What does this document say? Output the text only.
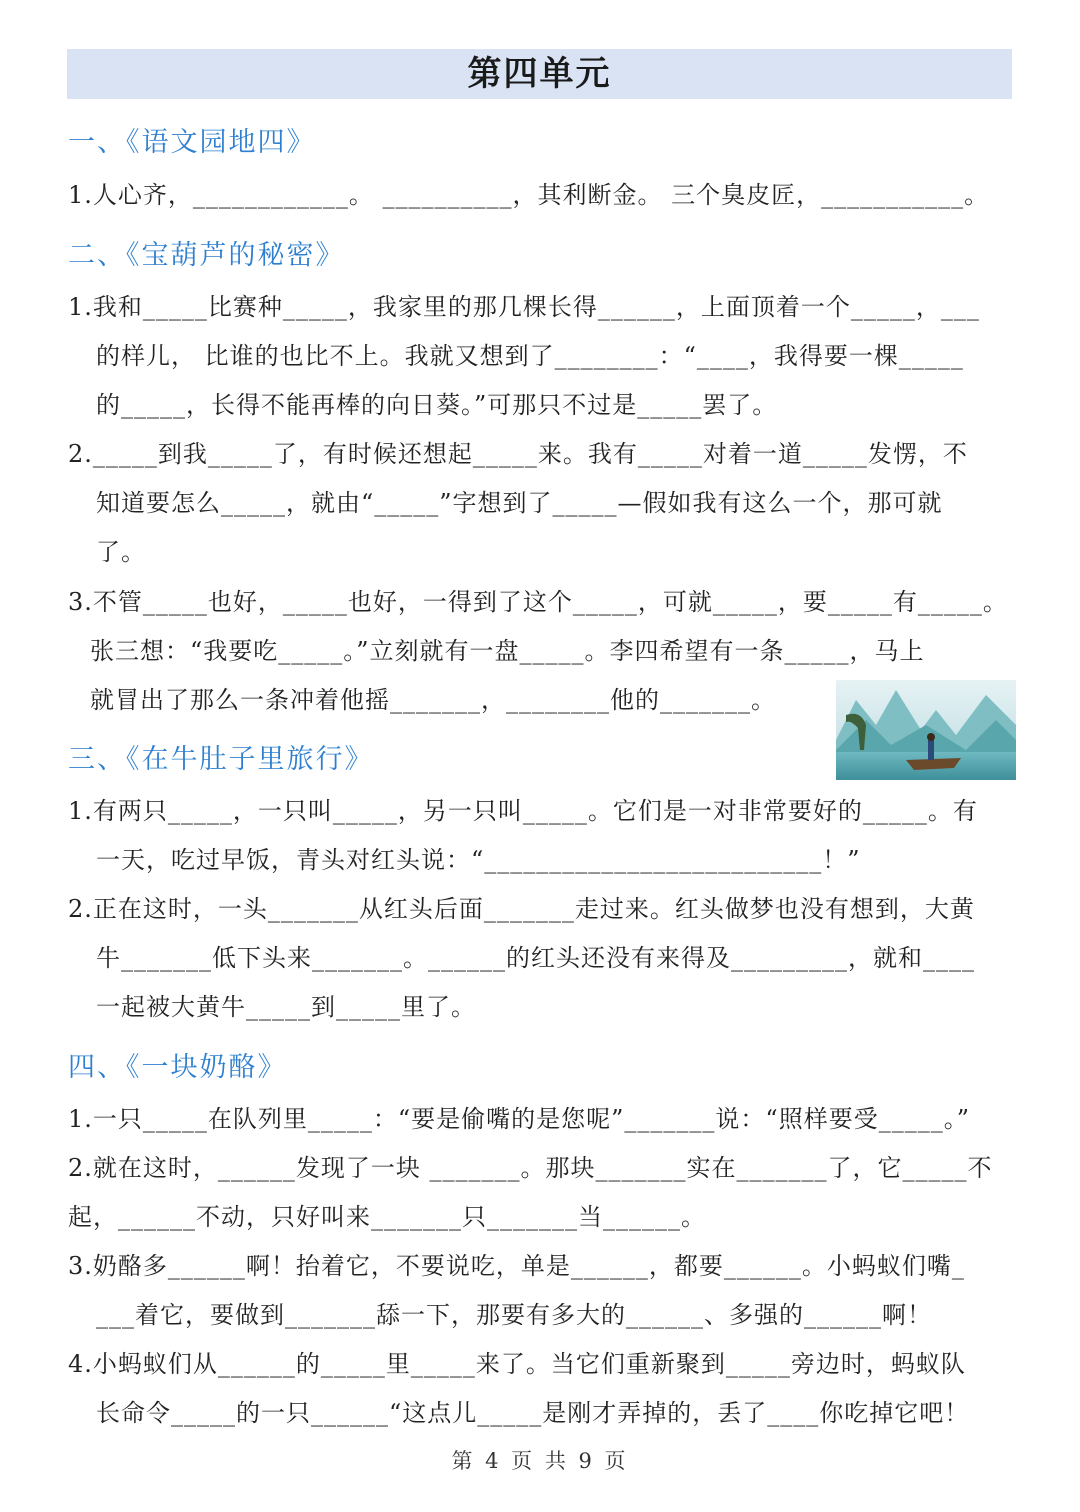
第四单元
一、《语文园地四》
1.人心齐，____________。 __________，其利断金。 三个臭皮匠，___________。
二、《宝葫芦的秘密》
1.我和_____比赛种_____，我家里的那几棵长得______，上面顶着一个_____，___
的样儿， 比谁的也比不上。我就又想到了________：“____，我得要一棵_____
的_____，长得不能再棒的向日葵。”可那只不过是_____罢了。
2._____到我_____了，有时候还想起_____来。我有_____对着一道_____发愣，不
知道要怎么_____，就由“_____”字想到了_____—假如我有这么一个，那可就
了。
3.不管_____也好，_____也好，一得到了这个_____，可就_____，要_____有_____。
张三想：“我要吃_____。”立刻就有一盘_____。李四希望有一条_____，马上
就冒出了那么一条冲着他摇_______，________他的_______。
三、《在牛肚子里旅行》
1.有两只_____，一只叫_____，另一只叫_____。它们是一对非常要好的_____。有
一天，吃过早饭，青头对红头说：“__________________________！”
2.正在这时，一头_______从红头后面_______走过来。红头做梦也没有想到，大黄
牛_______低下头来_______。______的红头还没有来得及_________，就和____
一起被大黄牛_____到_____里了。
四、《一块奶酪》
1.一只_____在队列里_____：“要是偷嘴的是您呢”_______说：“照样要受_____。”
2.就在这时，______发现了一块 _______。那块_______实在_______了，它_____不
起，______不动，只好叫来_______只_______当______。
3.奶酪多______啊！抬着它，不要说吃，单是______，都要______。小蚂蚁们嘴_
___着它，要做到_______舔一下，那要有多大的______、多强的______啊！
4.小蚂蚁们从______的_____里_____来了。当它们重新聚到_____旁边时，蚂蚁队
长命令_____的一只______“这点儿_____是刚才弄掉的，丢了____你吃掉它吧！
第 4 页 共 9 页
